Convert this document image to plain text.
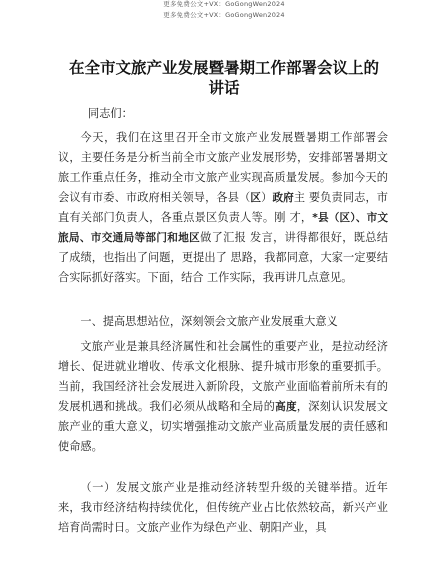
更多免费公文+VX：GoGongWen2024
更多免费公文+VX：GoGongWen2024
在全市文旅产业发展暨暑期工作部署会议上的
讲话
同志们：

今天，我们在这里召开全市文旅产业发展暨暑期工作部署会议，主要任务是分析当前全市文旅产业发展形势，安排部署暑期文旅工作重点任务，推动全市文旅产业实现高质量发展。参加今天的会议有市委、市政府相关领导，各县（区）政府主 要负责同志，市直有关部门负责人，各重点景区负责人等。刚 才，*县（区）、市文旅局、市交通局等部门和地区做了汇报 发言，讲得都很好，既总结了成绩，也指出了问题，更提出了 思路，我都同意，大家一定要结合实际抓好落实。下面，结合 工作实际，我再讲几点意见。

一、提高思想站位，深刻领会文旅产业发展重大意义

文旅产业是兼具经济属性和社会属性的重要产业，是拉动经济增长、促进就业增收、传承文化根脉、提升城市形象的重要抓手。当前，我国经济社会发展进入新阶段，文旅产业面临着前所未有的发展机遇和挑战。我们必须从战略和全局的高度，深刻认识发展文旅产业的重大意义，切实增强推动文旅产业高质量发展的责任感和使命感。

（一）发展文旅产业是推动经济转型升级的关键举措。近年来，我市经济结构持续优化，但传统产业占比依然较高，新兴产业培育尚需时日。文旅产业作为绿色产业、朝阳产业，具
